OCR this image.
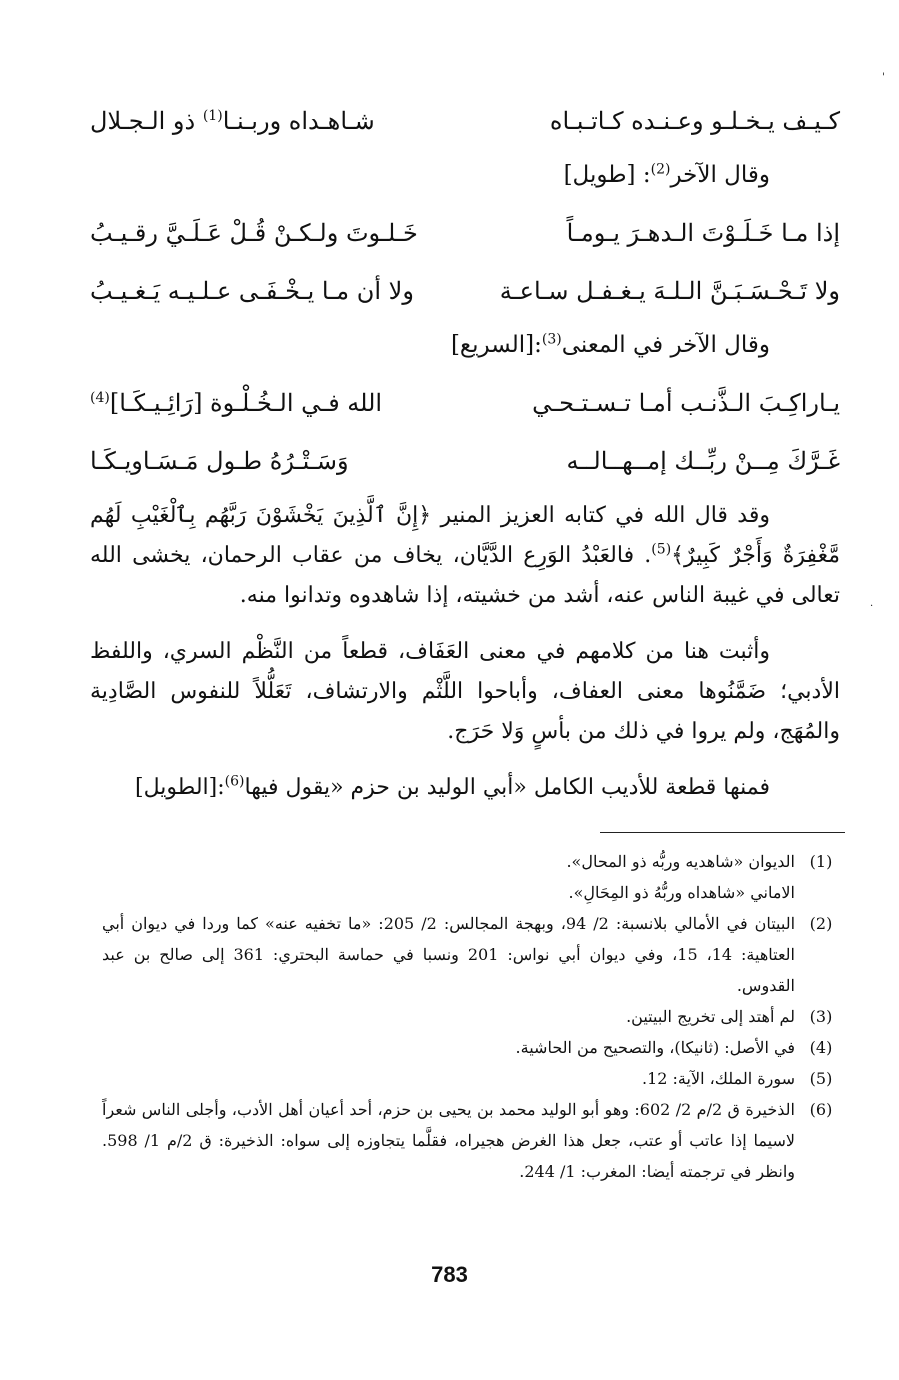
كـيـف يـخـلـو وعـنـده كـاتـبـاه
شـاهـداه وربـنـا$^{(1)}$ ذو الـجـلال
وقال الآخر$^{(2)}$: [طويل]
إذا مـا خَـلَـوْتَ الـدهـرَ يـومـاً
خَـلـوتَ ولـكـنْ قُـلْ عَـلَـيَّ رقـيـبُ
ولا تَـحْـسَـبَـنَّ الـلـهَ يـغـفـل سـاعـة
ولا أن مـا يـخْـفَـى عـلـيـه يَـغـيـبُ
وقال الآخر في المعنى$^{(3)}$:[السريع]
يـاراكِـبَ الـذَّنـب أمـا تـسـتـحـي
الله فـي الـخُـلْـوة [رَائِـيـكَـا]$^{(4)}$
غَـرَّكَ مِــنْ ربِّــك إمــهــالــه
وَسَـتْـرُهُ طـول مَـسَـاويـكَـا

وقد قال الله في كتابه العزيز المنير ﴿إِنَّ ٱلَّذِينَ يَخْشَوْنَ رَبَّهُم بِٱلْغَيْبِ لَهُم مَّغْفِرَةٌ وَأَجْرٌ كَبِيرٌ﴾$^{(5)}$. فالعَبْدُ الوَرِع الدَّيَّان، يخاف من عقاب الرحمان، يخشى الله تعالى في غيبة الناس عنه، أشد من خشيته، إذا شاهدوه وتدانوا منه.

وأثبت هنا من كلامهم في معنى العَفَاف، قطعاً من النَّظْم السري، واللفظ الأدبي؛ ضَمَّنُوها معنى العفاف، وأباحوا اللَّثْم والارتشاف، تَعَلُّلاً للنفوس الصَّادِية والمُهَج، ولم يروا في ذلك من بأسٍ وَلا حَرَج.

فمنها قطعة للأديب الكامل «أبي الوليد بن حزم «يقول فيها$^{(6)}$:[الطويل]

(1)
الديوان «شاهديه وربُّه ذو المحال».
الاماني «شاهداه وربُّهُ ذو المِحَالِ».
(2)
البيتان في الأمالي بلانسبة: 2/ 94، وبهجة المجالس: 2/ 205: «ما تخفيه عنه» كما وردا في ديوان أبي العتاهية: 14، 15، وفي ديوان أبي نواس: 201 ونسبا في حماسة البحتري: 361 إلى صالح بن عبد القدوس.
(3)
لم أهتد إلى تخريج البيتين.
(4)
في الأصل: (ثانيكا)، والتصحيح من الحاشية.
(5)
سورة الملك، الآية: 12.
(6)
الذخيرة ق 2/م 2/ 602: وهو أبو الوليد محمد بن يحيى بن حزم، أحد أعيان أهل الأدب، وأجلى الناس شعراً لاسيما إذا عاتب أو عتب، جعل هذا الغرض هجيراه، فقلَّما يتجاوزه إلى سواه: الذخيرة: ق 2/م 1/ 598. وانظر في ترجمته أيضا: المغرب: 1/ 244.
783
'
.
